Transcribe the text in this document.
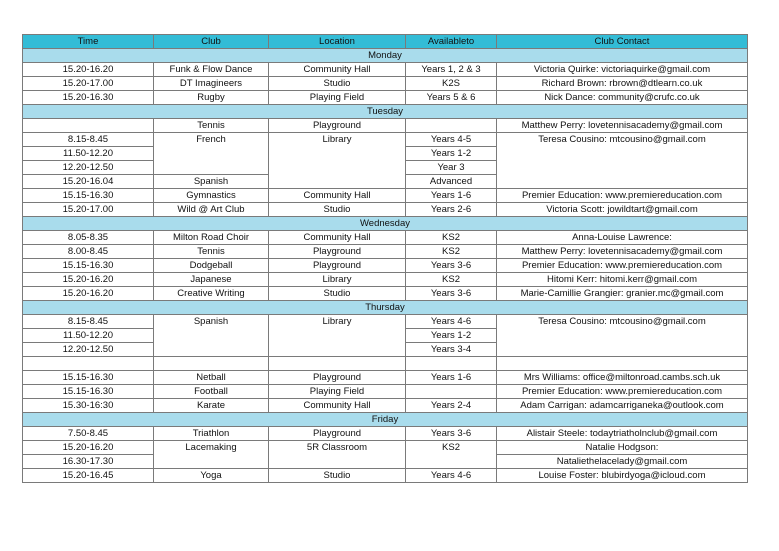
Time	Club	Location	Availableto	Club Contact
Monday				
15.20-16.20	Funk & Flow Dance	Community Hall	Years 1, 2 & 3	Victoria Quirke: victoriaquirke@gmail.com
15.20-17.00	DT Imagineers	Studio	K2S	Richard Brown: rbrown@dtlearn.co.uk
15.20-16.30	Rugby	Playing Field	Years 5 & 6	Nick Dance: community@crufc.co.uk
Tuesday				
	Tennis	Playground		Matthew Perry: lovetennisacademy@gmail.com
8.15-8.45	French	Library	Years 4-5	Teresa Cousino: mtcousino@gmail.com
11.50-12.20			Years 1-2	
12.20-12.50			Year 3	
15.20-16.04	Spanish		Advanced	
15.15-16.30	Gymnastics	Community Hall	Years 1-6	Premier Education: www.premiereducation.com
15.20-17.00	Wild @ Art Club	Studio	Years 2-6	Victoria Scott: jowildtart@gmail.com
Wednesday				
8.05-8.35	Milton Road Choir	Community Hall	KS2	Anna-Louise Lawrence:
8.00-8.45	Tennis	Playground	KS2	Matthew Perry: lovetennisacademy@gmail.com
15.15-16.30	Dodgeball	Playground	Years 3-6	Premier Education: www.premiereducation.com
15.20-16.20	Japanese	Library	KS2	Hitomi Kerr: hitomi.kerr@gmail.com
15.20-16.20	Creative Writing	Studio	Years 3-6	Marie-Camillie Grangier: granier.mc@gmail.com
Thursday				
8.15-8.45	Spanish	Library	Years 4-6	Teresa Cousino: mtcousino@gmail.com
11.50-12.20			Years 1-2	
12.20-12.50			Years 3-4	

15.15-16.30	Netball	Playground	Years 1-6	Mrs Williams: office@miltonroad.cambs.sch.uk
15.15-16.30	Football	Playing Field		Premier Education: www.premiereducation.com
15.30-16:30	Karate	Community Hall	Years 2-4	Adam Carrigan: adamcarriganeka@outlook.com
Friday				
7.50-8.45	Triathlon	Playground	Years 3-6	Alistair Steele: todaytriatholnclub@gmail.com
15.20-16.20	Lacemaking	5R Classroom	KS2	Natalie Hodgson:
16.30-17.30				Nataliethelacelady@gmail.com
15.20-16.45	Yoga	Studio	Years 4-6	Louise Foster: blubirdyoga@icloud.com
